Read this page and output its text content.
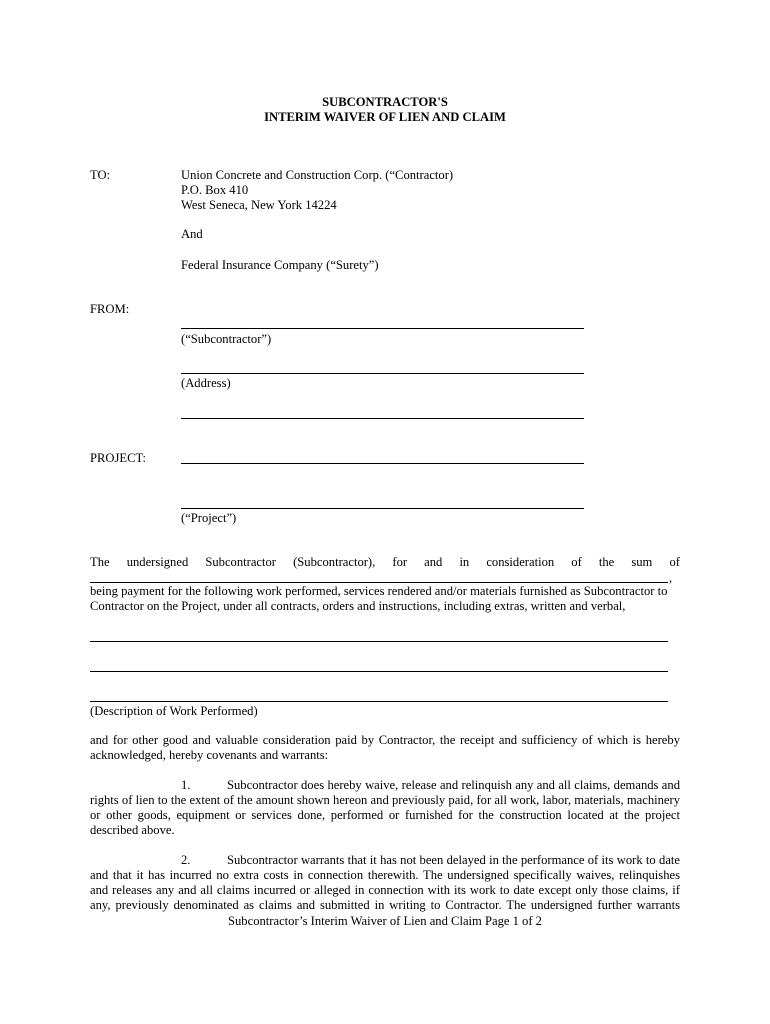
SUBCONTRACTOR'S
INTERIM WAIVER OF LIEN AND CLAIM
TO:	Union Concrete and Construction Corp. (“Contractor)
P.O. Box 410
West Seneca, New York 14224
And
Federal Insurance Company (“Surety”)
FROM:
(“Subcontractor”)
(Address)
PROJECT:
(“Project”)
The undersigned Subcontractor (Subcontractor), for and in consideration of the sum of
,
being payment for the following work performed, services rendered and/or materials furnished as Subcontractor to
Contractor on the Project, under all contracts, orders and instructions, including extras, written and verbal,
(Description of Work Performed)
and for other good and valuable consideration paid by Contractor, the receipt and sufficiency of which is hereby
acknowledged, hereby covenants and warrants:
1.	Subcontractor does hereby waive, release and relinquish any and all claims, demands and
rights of lien to the extent of the amount shown hereon and previously paid, for all work, labor, materials, machinery
or other goods, equipment or services done, performed or furnished for the construction located at the project
described above.
2.	Subcontractor warrants that it has not been delayed in the performance of its work to date
and that it has incurred no extra costs in connection therewith. The undersigned specifically waives, relinquishes
and releases any and all claims incurred or alleged in connection with its work to date except only those claims, if
any, previously denominated as claims and submitted in writing to Contractor. The undersigned further warrants
Subcontractor’s Interim Waiver of Lien and Claim Page 1 of 2
